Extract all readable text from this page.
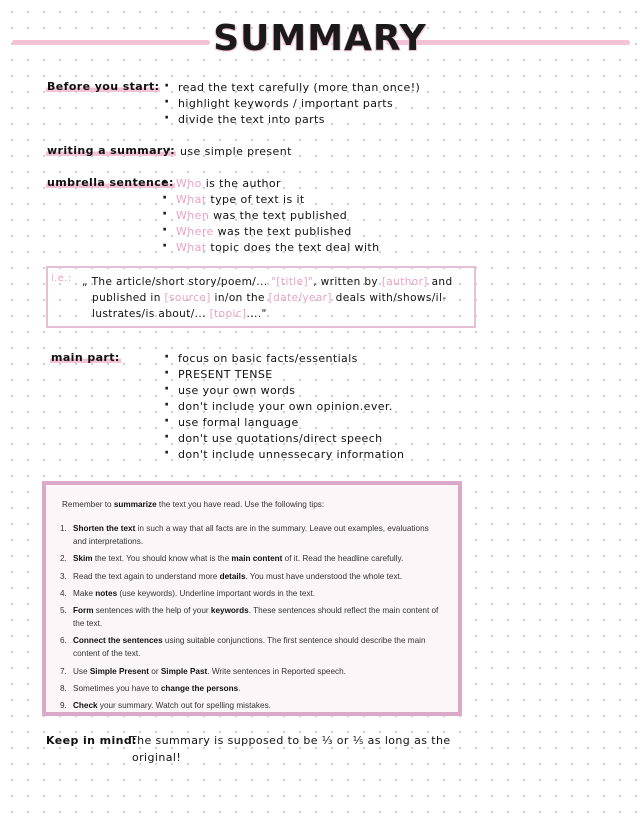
SUMMARY
Before you start:	· read the text carefully (more than once!)
· highlight keywords / important parts
· divide the text into parts
writing a summary: · use simple present
umbrella sentence: · Who is the author
· What type of text is it
· When was the text published
· Where was the text published
· What topic does the text deal with
i.e.: „ The article/short story/poem/... "[title]", written by [author] and
published in [source] in/on the [date/year] deals with/shows/il-
lustrates/is about/... [topic]...."
main part:	· focus on basic facts/essentials
· PRESENT TENSE
· use your own words
· don't include your own opinion.ever.
· use formal language
· don't use quotations/direct speech
· don't include unnessecary information
Remember to summarize the text you have read. Use the following tips:
1. Shorten the text in such a way that all facts are in the summary. Leave out examples, evaluations and interpretations.
2. Skim the text. You should know what is the main content of it. Read the headline carefully.
3. Read the text again to understand more details. You must have understood the whole text.
4. Make notes (use keywords). Underline important words in the text.
5. Form sentences with the help of your keywords. These sentences should reflect the main content of the text.
6. Connect the sentences using suitable conjunctions. The first sentence should describe the main content of the text.
7. Use Simple Present or Simple Past. Write sentences in Reported speech.
8. Sometimes you have to change the persons.
9. Check your summary. Watch out for spelling mistakes.
Keep in mind:
The summary is supposed to be ⅓ or ⅕ as long as the
original!
